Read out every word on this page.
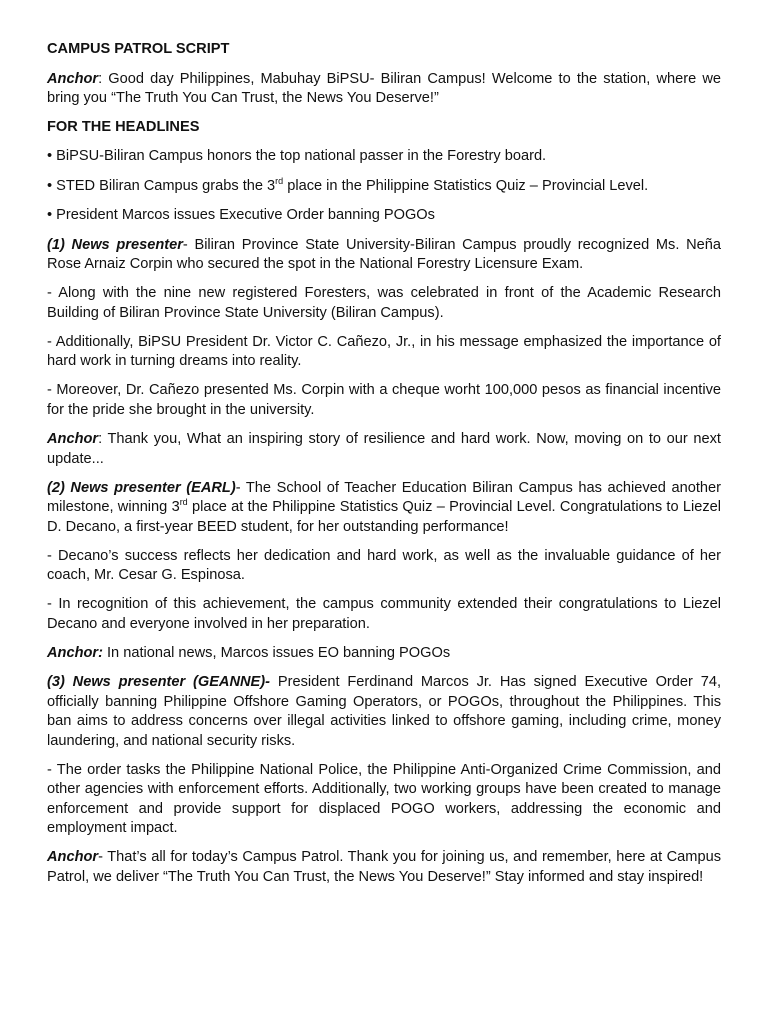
CAMPUS PATROL SCRIPT

Anchor: Good day Philippines, Mabuhay BiPSU- Biliran Campus! Welcome to the station, where we bring you “The Truth You Can Trust, the News You Deserve!”

FOR THE HEADLINES

• BiPSU-Biliran Campus honors the top national passer in the Forestry board.

• STED Biliran Campus grabs the 3rd place in the Philippine Statistics Quiz – Provincial Level.

• President Marcos issues Executive Order banning POGOs

(1) News presenter- Biliran Province State University-Biliran Campus proudly recognized Ms. Neña Rose Arnaiz Corpin who secured the spot in the National Forestry Licensure Exam.

- Along with the nine new registered Foresters, was celebrated in front of the Academic Research Building of Biliran Province State University (Biliran Campus).

- Additionally, BiPSU President Dr. Victor C. Cañezo, Jr., in his message emphasized the importance of hard work in turning dreams into reality.

- Moreover, Dr. Cañezo presented Ms. Corpin with a cheque worht 100,000 pesos as financial incentive for the pride she brought in the university.

Anchor: Thank you, What an inspiring story of resilience and hard work. Now, moving on to our next update...

(2) News presenter (EARL)- The School of Teacher Education Biliran Campus has achieved another milestone, winning 3rd place at the Philippine Statistics Quiz – Provincial Level. Congratulations to Liezel D. Decano, a first-year BEED student, for her outstanding performance!

- Decano’s success reflects her dedication and hard work, as well as the invaluable guidance of her coach, Mr. Cesar G. Espinosa.

- In recognition of this achievement, the campus community extended their congratulations to Liezel Decano and everyone involved in her preparation.

Anchor: In national news, Marcos issues EO banning POGOs

(3) News presenter (GEANNE)- President Ferdinand Marcos Jr. Has signed Executive Order 74, officially banning Philippine Offshore Gaming Operators, or POGOs, throughout the Philippines. This ban aims to address concerns over illegal activities linked to offshore gaming, including crime, money laundering, and national security risks.

- The order tasks the Philippine National Police, the Philippine Anti-Organized Crime Commission, and other agencies with enforcement efforts. Additionally, two working groups have been created to manage enforcement and provide support for displaced POGO workers, addressing the economic and employment impact.

Anchor- That’s all for today’s Campus Patrol. Thank you for joining us, and remember, here at Campus Patrol, we deliver “The Truth You Can Trust, the News You Deserve!” Stay informed and stay inspired!
